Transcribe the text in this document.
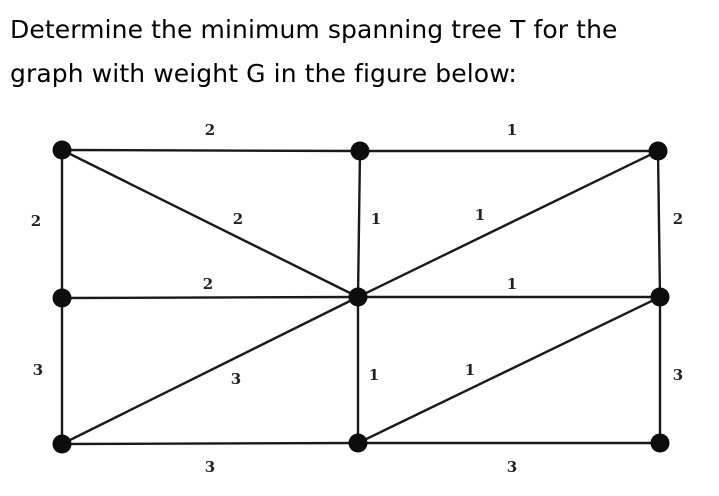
Determine the minimum spanning tree T for the
graph with weight G in the figure below:
2	1
2	2	1	1	2
2	1
3	3	1	1	3
3	3
